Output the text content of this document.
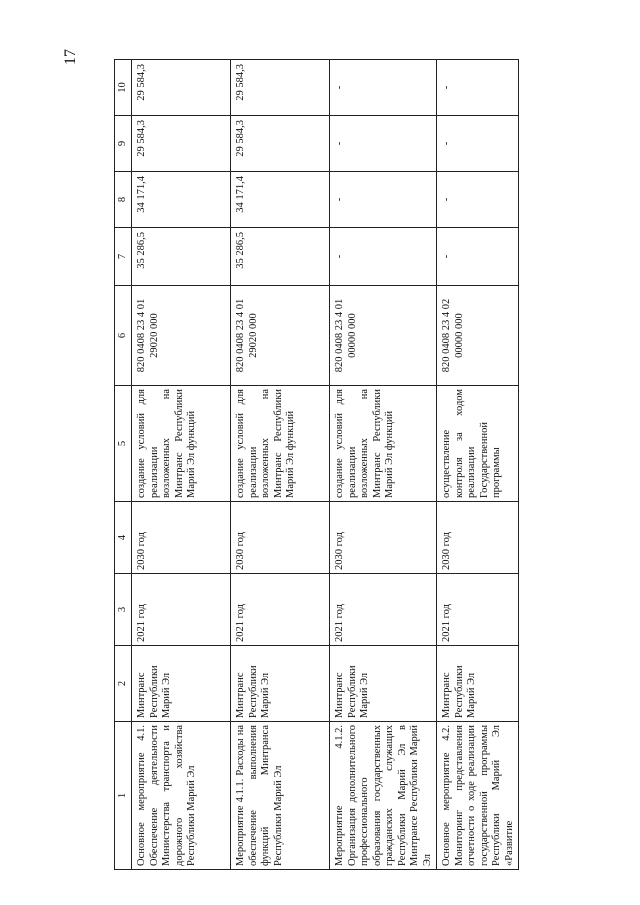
17
1	2	3	4	5	6	7	8	9	10
Основное мероприятие 4.1. Обеспечение деятельности Министерства транспорта и дорожного хозяйства Республики Марий Эл	Минтранс Республики Марий Эл	2021 год	2030 год	создание условий для реализации возложенных на Минтранс Республики Марий Эл функций	820 0408 23 4 01 29020 000	35 286,5	34 171,4	29 584,3	29 584,3
Мероприятие 4.1.1. Расходы на обеспечение выполнения функций Минтранса Республики Марий Эл	Минтранс Республики Марий Эл	2021 год	2030 год	создание условий для реализации возложенных на Минтранс Республики Марий Эл функций	820 0408 23 4 01 29020 000	35 286,5	34 171,4	29 584,3	29 584,3
Мероприятие 4.1.2. Организация дополнительного профессионального образования государственных гражданских служащих Республики Марий Эл в Минтрансе Республики Марий Эл	Минтранс Республики Марий Эл	2021 год	2030 год	создание условий для реализации возложенных на Минтранс Республики Марий Эл функций	820 0408 23 4 01 00000 000	-	-	-	-
Основное мероприятие 4.2. Мониторинг представления отчетности о ходе реализации государственной программы Республики Марий Эл «Развитие	Минтранс Республики Марий Эл	2021 год	2030 год	осуществление контроля за ходом реализации Государственной программы	820 0408 23 4 02 00000 000	-	-	-	-
